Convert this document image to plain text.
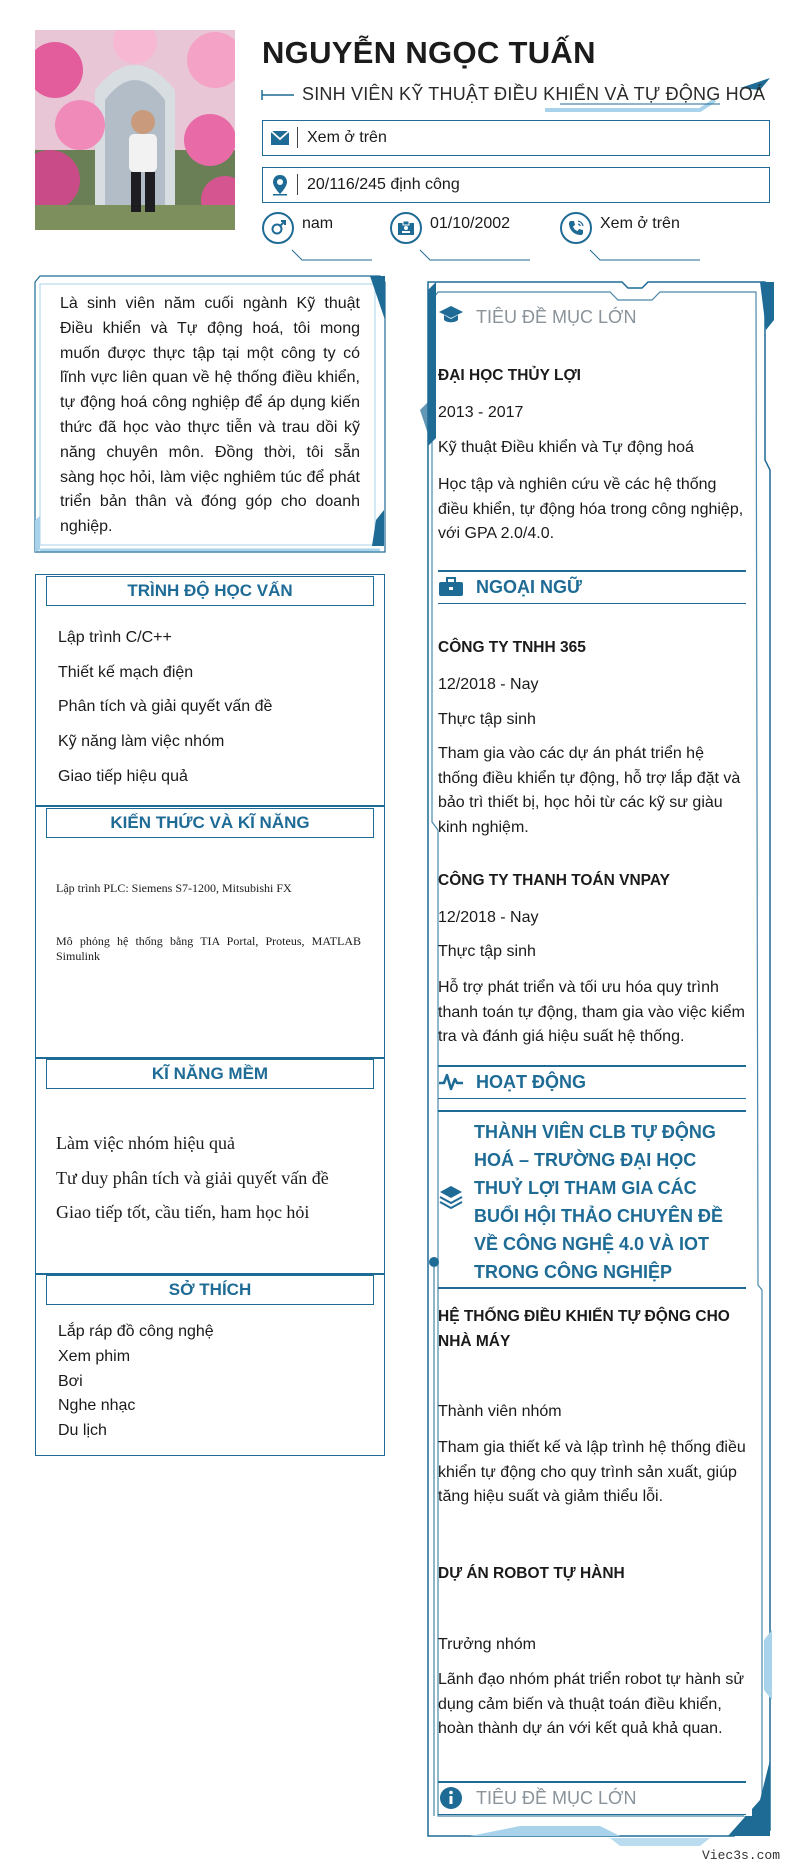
NGUYỄN NGỌC TUẤN
SINH VIÊN KỸ THUẬT ĐIỀU KHIỂN VÀ TỰ ĐỘNG HOÁ
Xem ở trên
20/116/245 định công
nam	01/10/2002	Xem ở trên
Là sinh viên năm cuối ngành Kỹ thuật Điều khiển và Tự động hoá, tôi mong muốn được thực tập tại một công ty có lĩnh vực liên quan về hệ thống điều khiển, tự động hoá công nghiệp để áp dụng kiến thức đã học vào thực tiễn và trau dồi kỹ năng chuyên môn. Đồng thời, tôi sẵn sàng học hỏi, làm việc nghiêm túc để phát triển bản thân và đóng góp cho doanh nghiệp.
TRÌNH ĐỘ HỌC VẤN
Lập trình C/C++
Thiết kế mạch điện
Phân tích và giải quyết vấn đề
Kỹ năng làm việc nhóm
Giao tiếp hiệu quả
KIẾN THỨC VÀ KĨ NĂNG
Lập trình PLC: Siemens S7-1200, Mitsubishi FX
Mô phỏng hệ thống bằng TIA Portal, Proteus, MATLAB Simulink
KĨ NĂNG MỀM
Làm việc nhóm hiệu quả
Tư duy phân tích và giải quyết vấn đề
Giao tiếp tốt, cầu tiến, ham học hỏi
SỞ THÍCH
Lắp ráp đồ công nghệ
Xem phim
Bơi
Nghe nhạc
Du lịch
TIÊU ĐỀ MỤC LỚN
ĐẠI HỌC THỦY LỢI
2013 - 2017
Kỹ thuật Điều khiển và Tự động hoá
Học tập và nghiên cứu về các hệ thống điều khiển, tự động hóa trong công nghiệp, với GPA 2.0/4.0.
NGOẠI NGỮ
CÔNG TY TNHH 365
12/2018 - Nay
Thực tập sinh
Tham gia vào các dự án phát triển hệ thống điều khiển tự động, hỗ trợ lắp đặt và bảo trì thiết bị, học hỏi từ các kỹ sư giàu kinh nghiệm.
CÔNG TY THANH TOÁN VNPAY
12/2018 - Nay
Thực tập sinh
Hỗ trợ phát triển và tối ưu hóa quy trình thanh toán tự động, tham gia vào việc kiểm tra và đánh giá hiệu suất hệ thống.
HOẠT ĐỘNG
THÀNH VIÊN CLB TỰ ĐỘNG HOÁ – TRƯỜNG ĐẠI HỌC THUỶ LỢI THAM GIA CÁC BUỔI HỘI THẢO CHUYÊN ĐỀ VỀ CÔNG NGHỆ 4.0 VÀ IOT TRONG CÔNG NGHIỆP
HỆ THỐNG ĐIỀU KHIỂN TỰ ĐỘNG CHO NHÀ MÁY
Thành viên nhóm
Tham gia thiết kế và lập trình hệ thống điều khiển tự động cho quy trình sản xuất, giúp tăng hiệu suất và giảm thiểu lỗi.
DỰ ÁN ROBOT TỰ HÀNH
Trưởng nhóm
Lãnh đạo nhóm phát triển robot tự hành sử dụng cảm biến và thuật toán điều khiển, hoàn thành dự án với kết quả khả quan.
TIÊU ĐỀ MỤC LỚN
Viec3s.com
